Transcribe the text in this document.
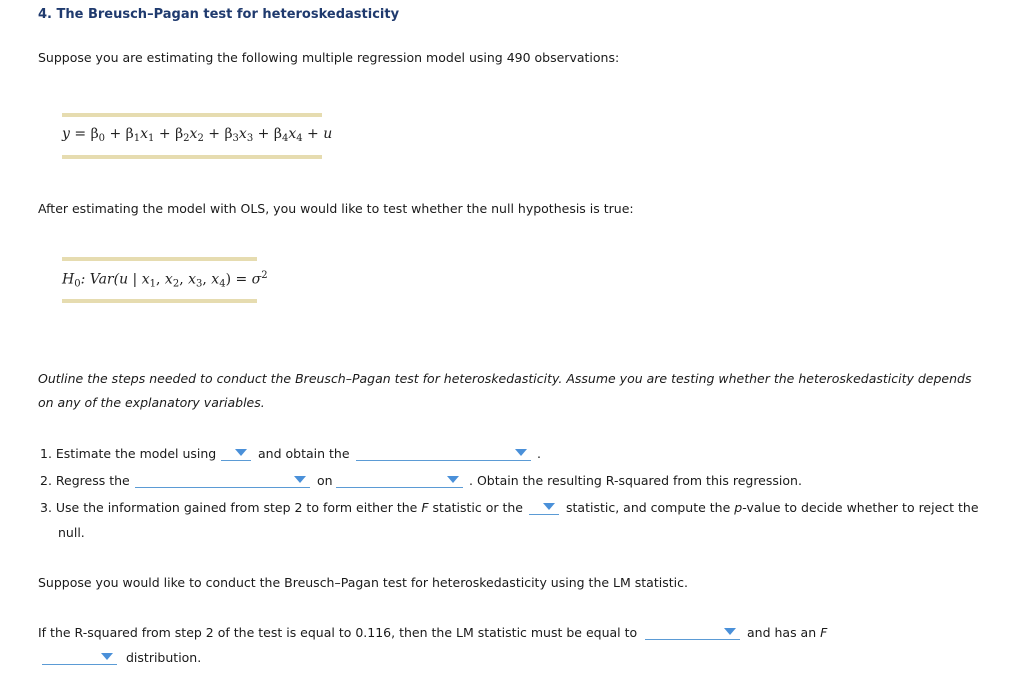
4. The Breusch–Pagan test for heteroskedasticity
Suppose you are estimating the following multiple regression model using 490 observations:
$y = \beta_0 + \beta_1x_1 + \beta_2x_2 + \beta_3x_3 + \beta_4x_4 + u$
After estimating the model with OLS, you would like to test whether the null hypothesis is true:
$H_0$: Var(u | $x_1$, $x_2$, $x_3$, $x_4) = \sigma^2$
Outline the steps needed to conduct the Breusch–Pagan test for heteroskedasticity. Assume you are testing whether the heteroskedasticity depends
on any of the explanatory variables.
1. Estimate the model using	and obtain the	.
2. Regress the	on	. Obtain the resulting R-squared from this regression.
3. Use the information gained from step 2 to form either the F statistic or the	statistic, and compute the p-value to decide whether to reject the
null.
Suppose you would like to conduct the Breusch–Pagan test for heteroskedasticity using the LM statistic.
If the R-squared from step 2 of the test is equal to 0.116, then the LM statistic must be equal to	and has an F
distribution.
